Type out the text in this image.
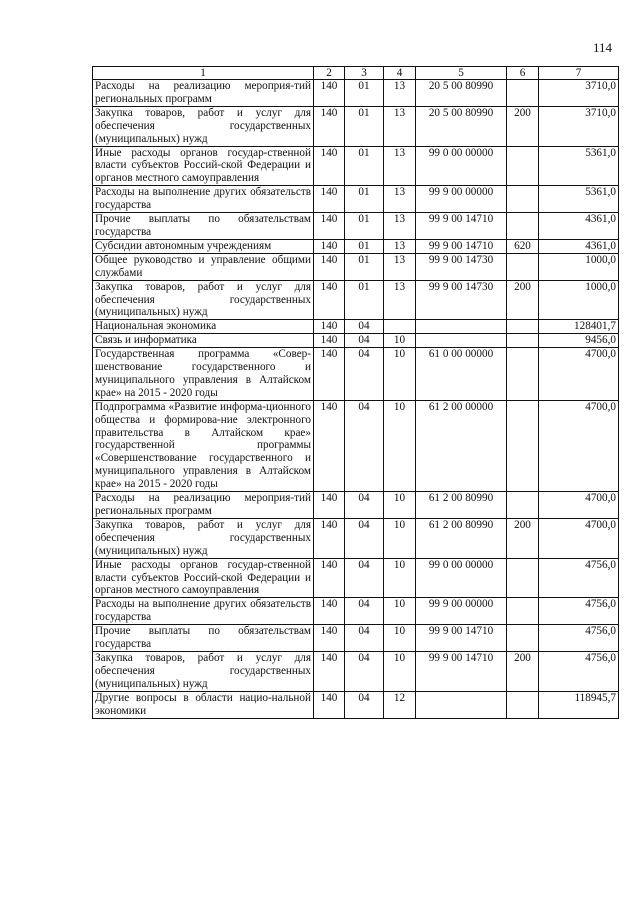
114
1	2	3	4	5	6	7
Расходы на реализацию мероприя-тий региональных программ	140	01	13	20 5 00 80990		3710,0
Закупка товаров, работ и услуг для обеспечения государственных (муниципальных) нужд	140	01	13	20 5 00 80990	200	3710,0
Иные расходы органов государ-ственной власти субъектов Россий-ской Федерации и органов местного самоуправления	140	01	13	99 0 00 00000		5361,0
Расходы на выполнение других обязательств государства	140	01	13	99 9 00 00000		5361,0
Прочие выплаты по обязательствам государства	140	01	13	99 9 00 14710		4361,0
Субсидии автономным учреждениям	140	01	13	99 9 00 14710	620	4361,0
Общее руководство и управление общими службами	140	01	13	99 9 00 14730		1000,0
Закупка товаров, работ и услуг для обеспечения государственных (муниципальных) нужд	140	01	13	99 9 00 14730	200	1000,0
Национальная экономика	140	04				128401,7
Связь и информатика	140	04	10			9456,0
Государственная программа «Совер-шенствование государственного и муниципального управления в Алтайском крае» на 2015 - 2020 годы	140	04	10	61 0 00 00000		4700,0
Подпрограмма «Развитие информа-ционного общества и формирова-ние электронного правительства в Алтайском крае» государственной программы «Совершенствование государственного и муниципального управления в Алтайском крае» на 2015 - 2020 годы	140	04	10	61 2 00 00000		4700,0
Расходы на реализацию мероприя-тий региональных программ	140	04	10	61 2 00 80990		4700,0
Закупка товаров, работ и услуг для обеспечения государственных (муниципальных) нужд	140	04	10	61 2 00 80990	200	4700,0
Иные расходы органов государ-ственной власти субъектов Россий-ской Федерации и органов местного самоуправления	140	04	10	99 0 00 00000		4756,0
Расходы на выполнение других обязательств государства	140	04	10	99 9 00 00000		4756,0
Прочие выплаты по обязательствам государства	140	04	10	99 9 00 14710		4756,0
Закупка товаров, работ и услуг для обеспечения государственных (муниципальных) нужд	140	04	10	99 9 00 14710	200	4756,0
Другие вопросы в области нацио-нальной экономики	140	04	12			118945,7
